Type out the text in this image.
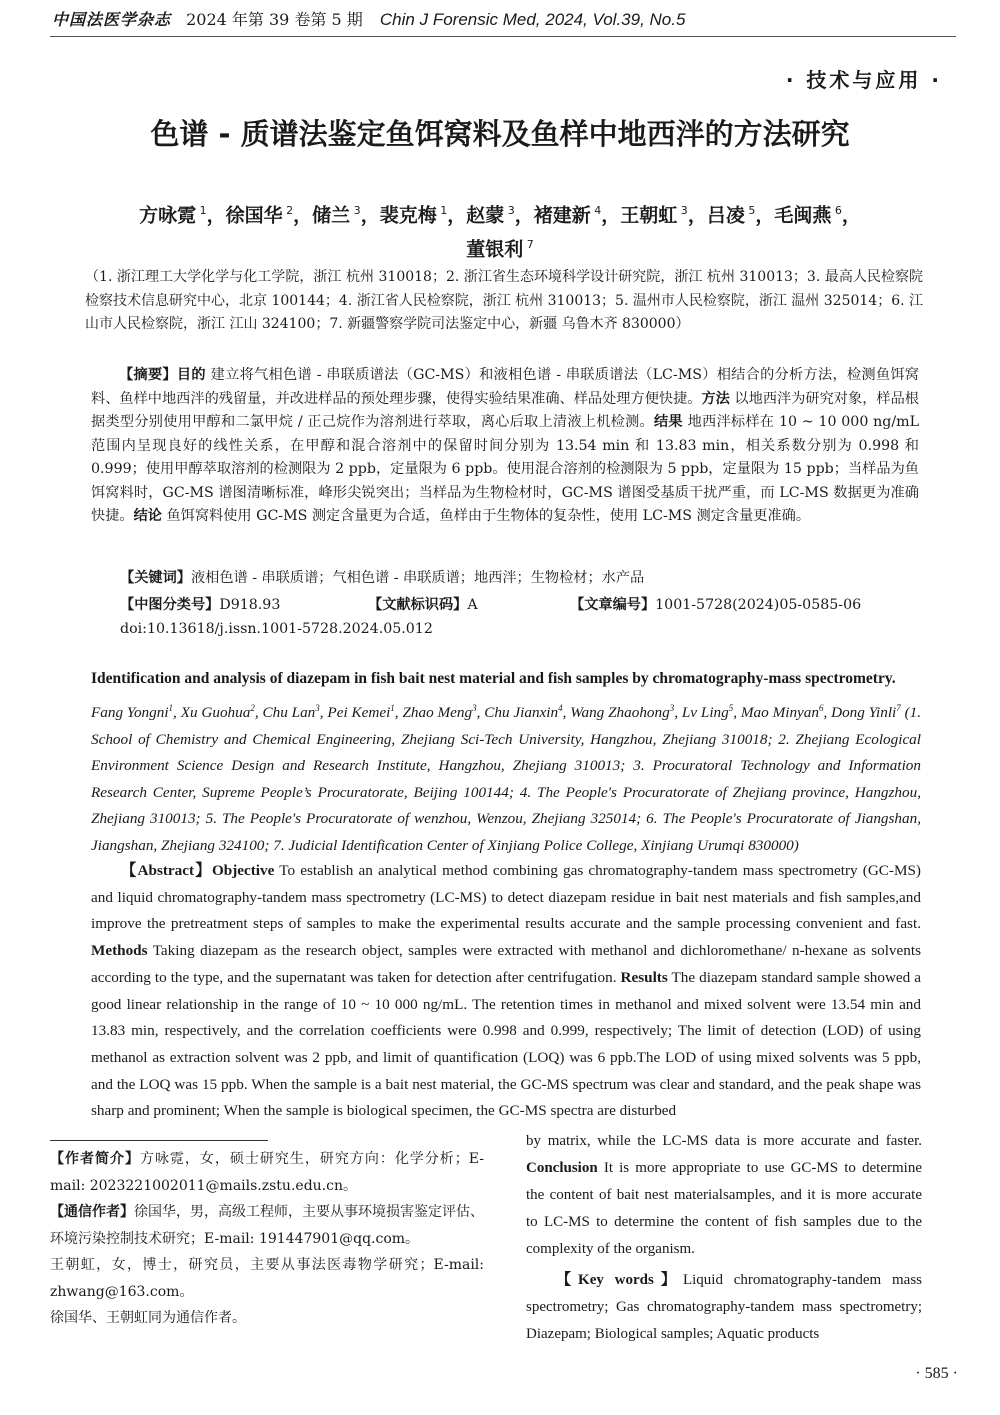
中国法医学杂志 2024 年第 39 卷第 5 期 Chin J Forensic Med, 2024, Vol.39, No.5
· 技术与应用 ·
色谱 - 质谱法鉴定鱼饵窝料及鱼样中地西泮的方法研究
方咏霓 $^1$，徐国华 $^2$，储兰 $^3$，裴克梅 $^1$，赵蒙 $^3$，褚建新 $^4$，王朝虹 $^3$，吕凌 $^5$，毛闽燕 $^6$，
董银利 $^7$

（1. 浙江理工大学化学与化工学院，浙江 杭州 310018；2. 浙江省生态环境科学设计研究院，浙江 杭州 310013；3. 最高人民检察院检察技术信息研究中心，北京 100144；4. 浙江省人民检察院，浙江 杭州 310013；5. 温州市人民检察院，浙江 温州 325014；6. 江山市人民检察院，浙江 江山 324100；7. 新疆警察学院司法鉴定中心，新疆 乌鲁木齐 830000）

【摘要】目的 建立将气相色谱 - 串联质谱法（GC-MS）和液相色谱 - 串联质谱法（LC-MS）相结合的分析方法，检测鱼饵窝料、鱼样中地西泮的残留量，并改进样品的预处理步骤，使得实验结果准确、样品处理方便快捷。方法 以地西泮为研究对象，样品根据类型分别使用甲醇和二氯甲烷 / 正己烷作为溶剂进行萃取，离心后取上清液上机检测。结果 地西泮标样在 10 ~ 10 000 ng/mL 范围内呈现良好的线性关系，在甲醇和混合溶剂中的保留时间分别为 13.54 min 和 13.83 min，相关系数分别为 0.998 和 0.999；使用甲醇萃取溶剂的检测限为 2 ppb，定量限为 6 ppb。使用混合溶剂的检测限为 5 ppb，定量限为 15 ppb；当样品为鱼饵窝料时，GC-MS 谱图清晰标准，峰形尖锐突出；当样品为生物检材时，GC-MS 谱图受基质干扰严重，而 LC-MS 数据更为准确快捷。结论 鱼饵窝料使用 GC-MS 测定含量更为合适，鱼样由于生物体的复杂性，使用 LC-MS 测定含量更准确。

【关键词】液相色谱 - 串联质谱；气相色谱 - 串联质谱；地西泮；生物检材；水产品
【中图分类号】D918.93	【文献标识码】A	【文章编号】1001-5728(2024)05-0585-06
doi:10.13618/j.issn.1001-5728.2024.05.012
Identification and analysis of diazepam in fish bait nest material and fish samples by chromatography-mass spectrometry.

Fang Yongni$^1$, Xu Guohua$^2$, Chu Lan$^3$, Pei Kemei$^1$, Zhao Meng$^3$, Chu Jianxin$^4$, Wang Zhaohong$^3$, Lv Ling$^5$, Mao Minyan$^6$, Dong Yinli$^7$ (1. School of Chemistry and Chemical Engineering, Zhejiang Sci-Tech University, Hangzhou, Zhejiang 310018; 2. Zhejiang Ecological Environment Science Design and Research Institute, Hangzhou, Zhejiang 310013; 3. Procuratoral Technology and Information Research Center, Supreme People’s Procuratorate, Beijing 100144; 4. The People's Procuratorate of Zhejiang province, Hangzhou, Zhejiang 310013; 5. The People's Procuratorate of wenzhou, Wenzou, Zhejiang 325014; 6. The People's Procuratorate of Jiangshan, Jiangshan, Zhejiang 324100; 7. Judicial Identification Center of Xinjiang Police College, Xinjiang Urumqi 830000)

【Abstract】Objective To establish an analytical method combining gas chromatography-tandem mass spectrometry (GC-MS) and liquid chromatography-tandem mass spectrometry (LC-MS) to detect diazepam residue in bait nest materials and fish samples,and improve the pretreatment steps of samples to make the experimental results accurate and the sample processing convenient and fast. Methods Taking diazepam as the research object, samples were extracted with methanol and dichloromethane/ n-hexane as solvents according to the type, and the supernatant was taken for detection after centrifugation. Results The diazepam standard sample showed a good linear relationship in the range of 10 ~ 10 000 ng/mL. The retention times in methanol and mixed solvent were 13.54 min and 13.83 min, respectively, and the correlation coefficients were 0.998 and 0.999, respectively; The limit of detection (LOD) of using methanol as extraction solvent was 2 ppb, and limit of quantification (LOQ) was 6 ppb.The LOD of using mixed solvents was 5 ppb, and the LOQ was 15 ppb. When the sample is a bait nest material, the GC-MS spectrum was clear and standard, and the peak shape was sharp and prominent; When the sample is biological specimen, the GC-MS spectra are disturbed

by matrix, while the LC-MS data is more accurate and faster. Conclusion It is more appropriate to use GC-MS to determine the content of bait nest materialsamples, and it is more accurate to LC-MS to determine the content of fish samples due to the complexity of the organism.

【Key words】Liquid chromatography-tandem mass spectrometry; Gas chromatography-tandem mass spectrometry; Diazepam; Biological samples; Aquatic products

【作者简介】方咏霓，女，硕士研究生，研究方向：化学分析；E-mail: 2023221002011@mails.zstu.edu.cn。

【通信作者】徐国华，男，高级工程师，主要从事环境损害鉴定评估、环境污染控制技术研究；E-mail: 191447901@qq.com。

王朝虹，女，博士，研究员，主要从事法医毒物学研究；E-mail: zhwang@163.com。

徐国华、王朝虹同为通信作者。

· 585 ·
